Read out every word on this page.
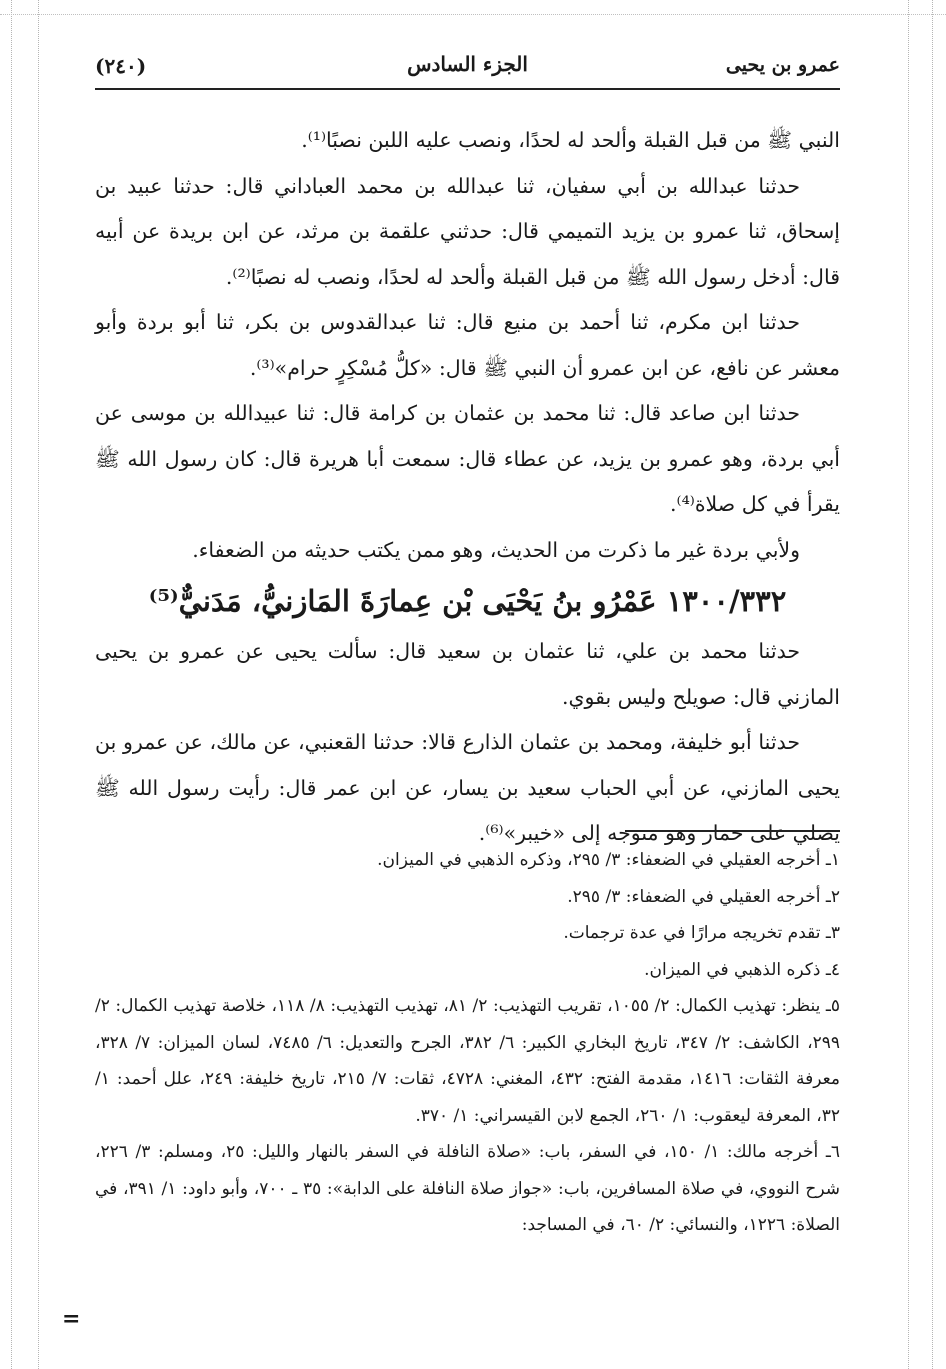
(٢٤٠)	الجزء السادس	عمرو بن يحيى

النبي ﷺ من قبل القبلة وألحد له لحدًا، ونصب عليه اللبن نصبًا⁽¹⁾.

حدثنا عبدالله بن أبي سفيان، ثنا عبدالله بن محمد العباداني قال: حدثنا عبيد بن إسحاق، ثنا عمرو بن يزيد التميمي قال: حدثني علقمة بن مرثد، عن ابن بريدة عن أبيه قال: أدخل رسول الله ﷺ من قبل القبلة وألحد له لحدًا، ونصب له نصبًا⁽²⁾.

حدثنا ابن مكرم، ثنا أحمد بن منيع قال: ثنا عبدالقدوس بن بكر، ثنا أبو بردة وأبو معشر عن نافع، عن ابن عمرو أن النبي ﷺ قال: «كلُّ مُسْكِرٍ حرام»⁽³⁾.

حدثنا ابن صاعد قال: ثنا محمد بن عثمان بن كرامة قال: ثنا عبيدالله بن موسى عن أبي بردة، وهو عمرو بن يزيد، عن عطاء قال: سمعت أبا هريرة قال: كان رسول الله ﷺ يقرأ في كل صلاة⁽⁴⁾.

ولأبي بردة غير ما ذكرت من الحديث، وهو ممن يكتب حديثه من الضعفاء.

١٣٠٠/٣٣٢ عَمْرُو بنُ يَحْيَى بْن عِمارَةَ المَازنيُّ، مَدَنيٌّ⁽⁵⁾

حدثنا محمد بن علي، ثنا عثمان بن سعيد قال: سألت يحيى عن عمرو بن يحيى المازني قال: صويلح وليس بقوي.

حدثنا أبو خليفة، ومحمد بن عثمان الذارع قالا: حدثنا القعنبي، عن مالك، عن عمرو بن يحيى المازني، عن أبي الحباب سعيد بن يسار، عن ابن عمر قال: رأيت رسول الله ﷺ يصلي على حمار وهو متوجه إلى «خيبر»⁽⁶⁾.

١ـ أخرجه العقيلي في الضعفاء: ٣/ ٢٩٥، وذكره الذهبي في الميزان.

٢ـ أخرجه العقيلي في الضعفاء: ٣/ ٢٩٥.

٣ـ تقدم تخريجه مرارًا في عدة ترجمات.

٤ـ ذكره الذهبي في الميزان.

٥ـ ينظر: تهذيب الكمال: ٢/ ١٠٥٥، تقريب التهذيب: ٢/ ٨١، تهذيب التهذيب: ٨/ ١١٨، خلاصة تهذيب الكمال: ٢/ ٢٩٩، الكاشف: ٢/ ٣٤٧، تاريخ البخاري الكبير: ٦/ ٣٨٢، الجرح والتعديل: ٦/ ٧٤٨٥، لسان الميزان: ٧/ ٣٢٨، معرفة الثقات: ١٤١٦، مقدمة الفتح: ٤٣٢، المغني: ٤٧٢٨، ثقات: ٧/ ٢١٥، تاريخ خليفة: ٢٤٩، علل أحمد: ١/ ٣٢، المعرفة ليعقوب: ١/ ٢٦٠، الجمع لابن القيسراني: ١/ ٣٧٠.

٦ـ أخرجه مالك: ١/ ١٥٠، في السفر، باب: «صلاة النافلة في السفر بالنهار والليل: ٢٥، ومسلم: ٣/ ٢٢٦، شرح النووي، في صلاة المسافرين، باب: «جواز صلاة النافلة على الدابة»: ٣٥ ـ ٧٠٠، وأبو داود: ١/ ٣٩١، في الصلاة: ١٢٢٦، والنسائي: ٢/ ٦٠، في المساجد:

=
